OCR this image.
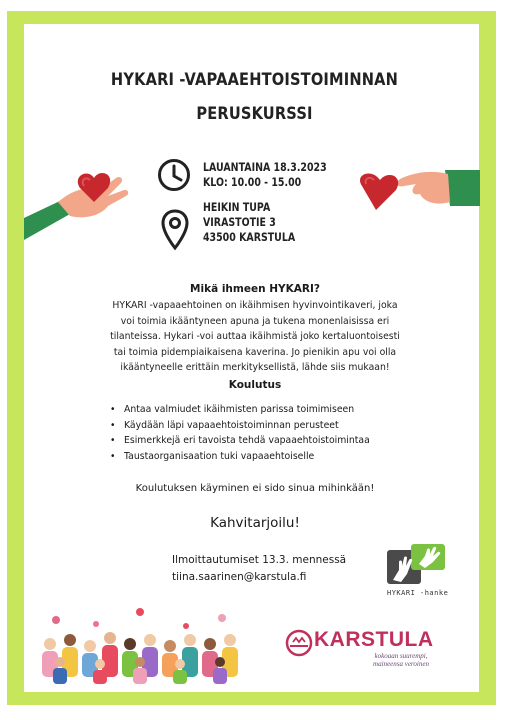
HYKARI -VAPAAEHTOISTOIMINNAN
PERUSKURSSI
LAUANTAINA 18.3.2023
KLO: 10.00 - 15.00
HEIKIN TUPA
VIRASTOTIE 3
43500 KARSTULA
Mikä ihmeen HYKARI?
HYKARI -vapaaehtoinen on ikäihmisen hyvinvointikaveri, joka
voi toimia ikääntyneen apuna ja tukena monenlaisissa eri
tilanteissa. Hykari -voi auttaa ikäihmistä joko kertaluontoisesti
tai toimia pidempiaikaisena kaverina. Jo pienikin apu voi olla
ikääntyneelle erittäin merkityksellistä, lähde siis mukaan!
Koulutus
• Antaa valmiudet ikäihmisten parissa toimimiseen
• Käydään läpi vapaaehtoistoiminnan perusteet
• Esimerkkejä eri tavoista tehdä vapaaehtoistoimintaa
• Taustaorganisaation tuki vapaaehtoiselle
Koulutuksen käyminen ei sido sinua mihinkään!
Kahvitarjoilu!
Ilmoittautumiset 13.3. mennessä
tiina.saarinen@karstula.fi
HYKARI -hanke
KARSTULA
kokoaan suurempi,
maineensa veroinen
